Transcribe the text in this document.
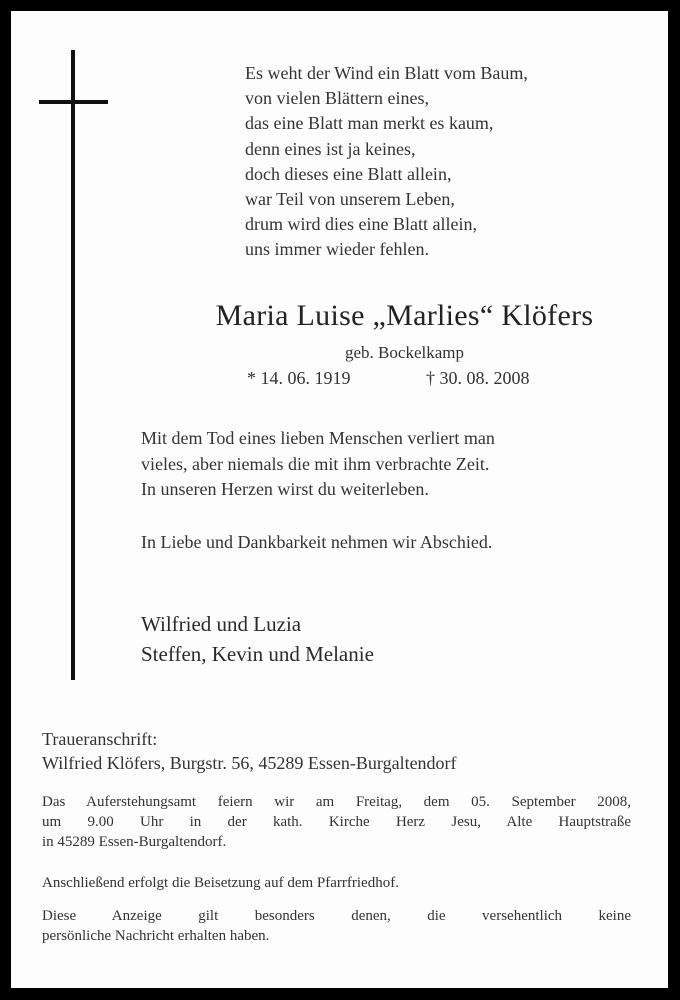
Es weht der Wind ein Blatt vom Baum,
von vielen Blättern eines,
das eine Blatt man merkt es kaum,
denn eines ist ja keines,
doch dieses eine Blatt allein,
war Teil von unserem Leben,
drum wird dies eine Blatt allein,
uns immer wieder fehlen.
Maria Luise „Marlies“ Klöfers
geb. Bockelkamp
* 14. 06. 1919	† 30. 08. 2008
Mit dem Tod eines lieben Menschen verliert man
vieles, aber niemals die mit ihm verbrachte Zeit.
In unseren Herzen wirst du weiterleben.
In Liebe und Dankbarkeit nehmen wir Abschied.
Wilfried und Luzia
Steffen, Kevin und Melanie
Traueranschrift:
Wilfried Klöfers, Burgstr. 56, 45289 Essen-Burgaltendorf
Das Auferstehungsamt feiern wir am Freitag, dem 05. September 2008,
um 9.00 Uhr in der kath. Kirche Herz Jesu, Alte Hauptstraße
in 45289 Essen-Burgaltendorf.
Anschließend erfolgt die Beisetzung auf dem Pfarrfriedhof.
Diese Anzeige gilt besonders denen, die versehentlich keine
persönliche Nachricht erhalten haben.
